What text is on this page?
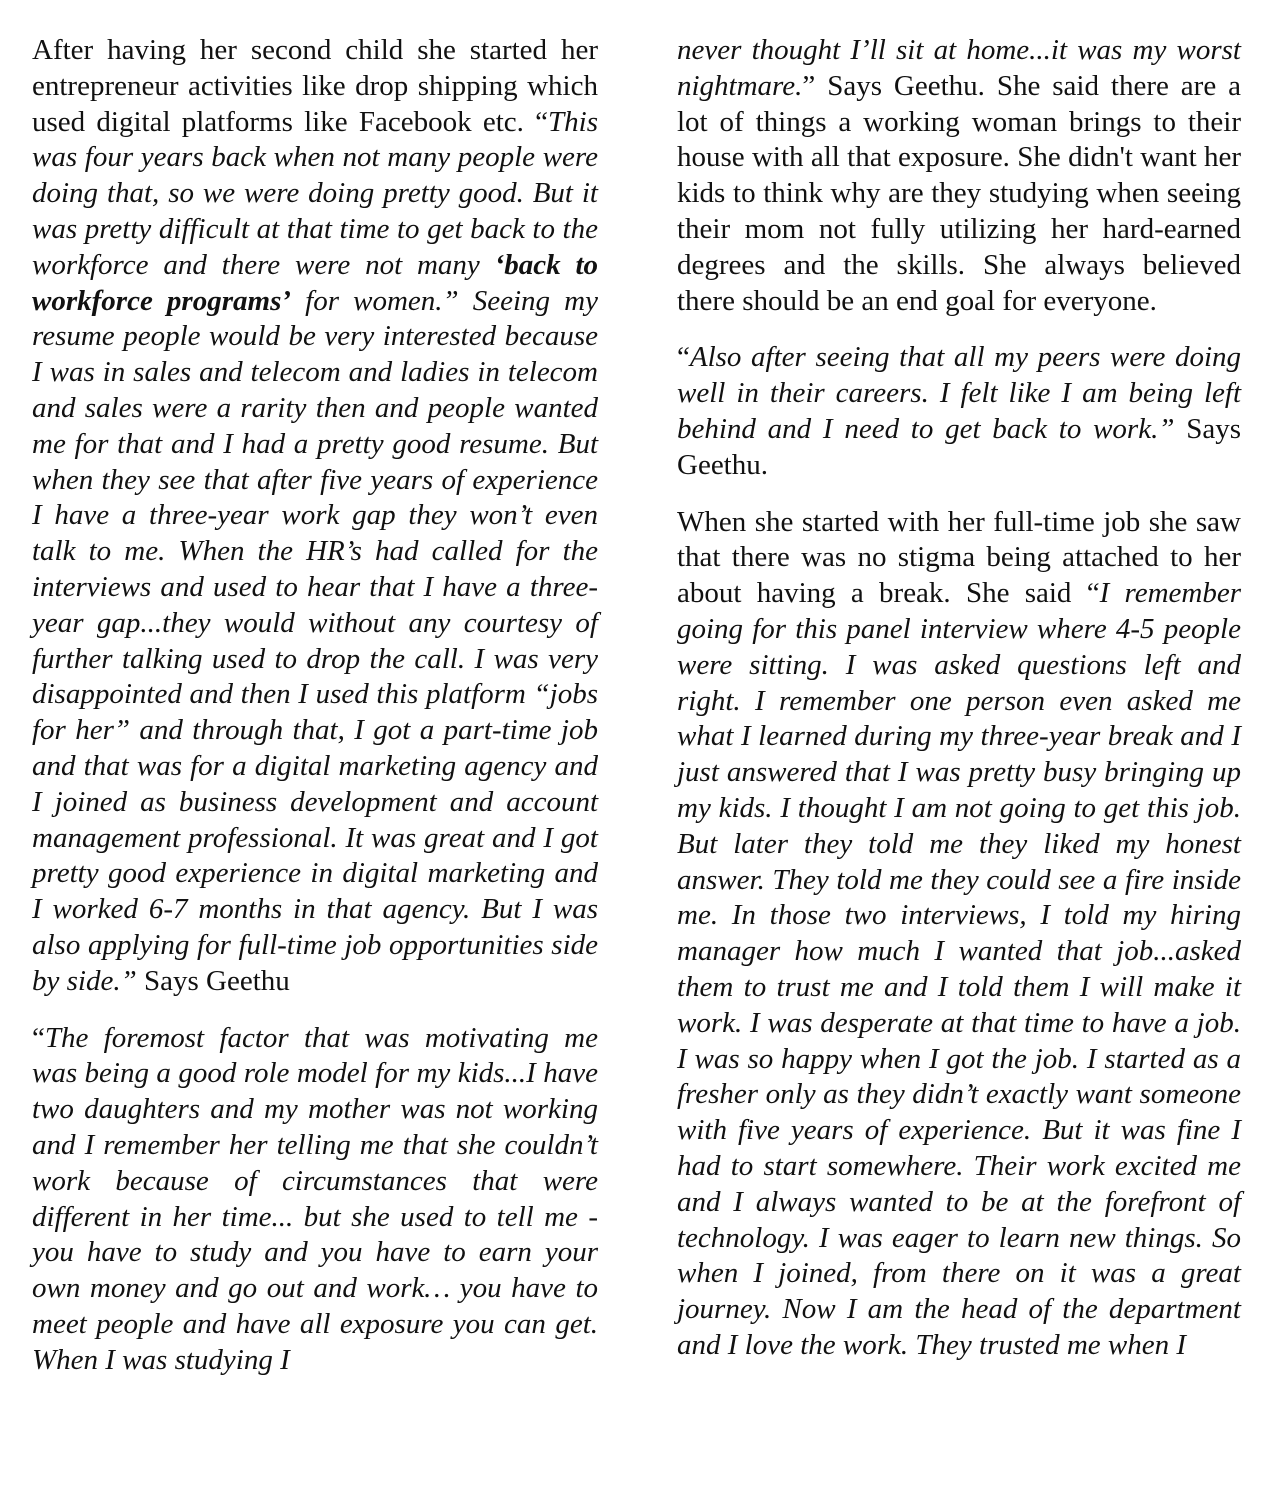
After having her second child she started her entrepreneur activities like drop shipping which used digital platforms like Facebook etc. “This was four years back when not many people were doing that, so we were doing pretty good. But it was pretty difficult at that time to get back to the workforce and there were not many ‘back to workforce programs’ for women.” Seeing my resume people would be very interested because I was in sales and telecom and ladies in telecom and sales were a rarity then and people wanted me for that and I had a pretty good resume. But when they see that after five years of experience I have a three-year work gap they won’t even talk to me. When the HR’s had called for the interviews and used to hear that I have a three-year gap...they would without any courtesy of further talking used to drop the call. I was very disappointed and then I used this platform “jobs for her” and through that, I got a part-time job and that was for a digital marketing agency and I joined as business development and account management professional. It was great and I got pretty good experience in digital marketing and I worked 6-7 months in that agency. But I was also applying for full-time job opportunities side by side.” Says Geethu

“The foremost factor that was motivating me was being a good role model for my kids...I have two daughters and my mother was not working and I remember her telling me that she couldn’t work because of circumstances that were different in her time... but she used to tell me - you have to study and you have to earn your own money and go out and work… you have to meet people and have all exposure you can get. When I was studying I

never thought I’ll sit at home...it was my worst nightmare.” Says Geethu. She said there are a lot of things a working woman brings to their house with all that exposure. She didn't want her kids to think why are they studying when seeing their mom not fully utilizing her hard-earned degrees and the skills. She always believed there should be an end goal for everyone.

“Also after seeing that all my peers were doing well in their careers. I felt like I am being left behind and I need to get back to work.” Says Geethu.

When she started with her full-time job she saw that there was no stigma being attached to her about having a break. She said “I remember going for this panel interview where 4-5 people were sitting. I was asked questions left and right. I remember one person even asked me what I learned during my three-year break and I just answered that I was pretty busy bringing up my kids. I thought I am not going to get this job. But later they told me they liked my honest answer. They told me they could see a fire inside me. In those two interviews, I told my hiring manager how much I wanted that job...asked them to trust me and I told them I will make it work. I was desperate at that time to have a job. I was so happy when I got the job. I started as a fresher only as they didn’t exactly want someone with five years of experience. But it was fine I had to start somewhere. Their work excited me and I always wanted to be at the forefront of technology. I was eager to learn new things. So when I joined, from there on it was a great journey. Now I am the head of the department and I love the work. They trusted me when I
